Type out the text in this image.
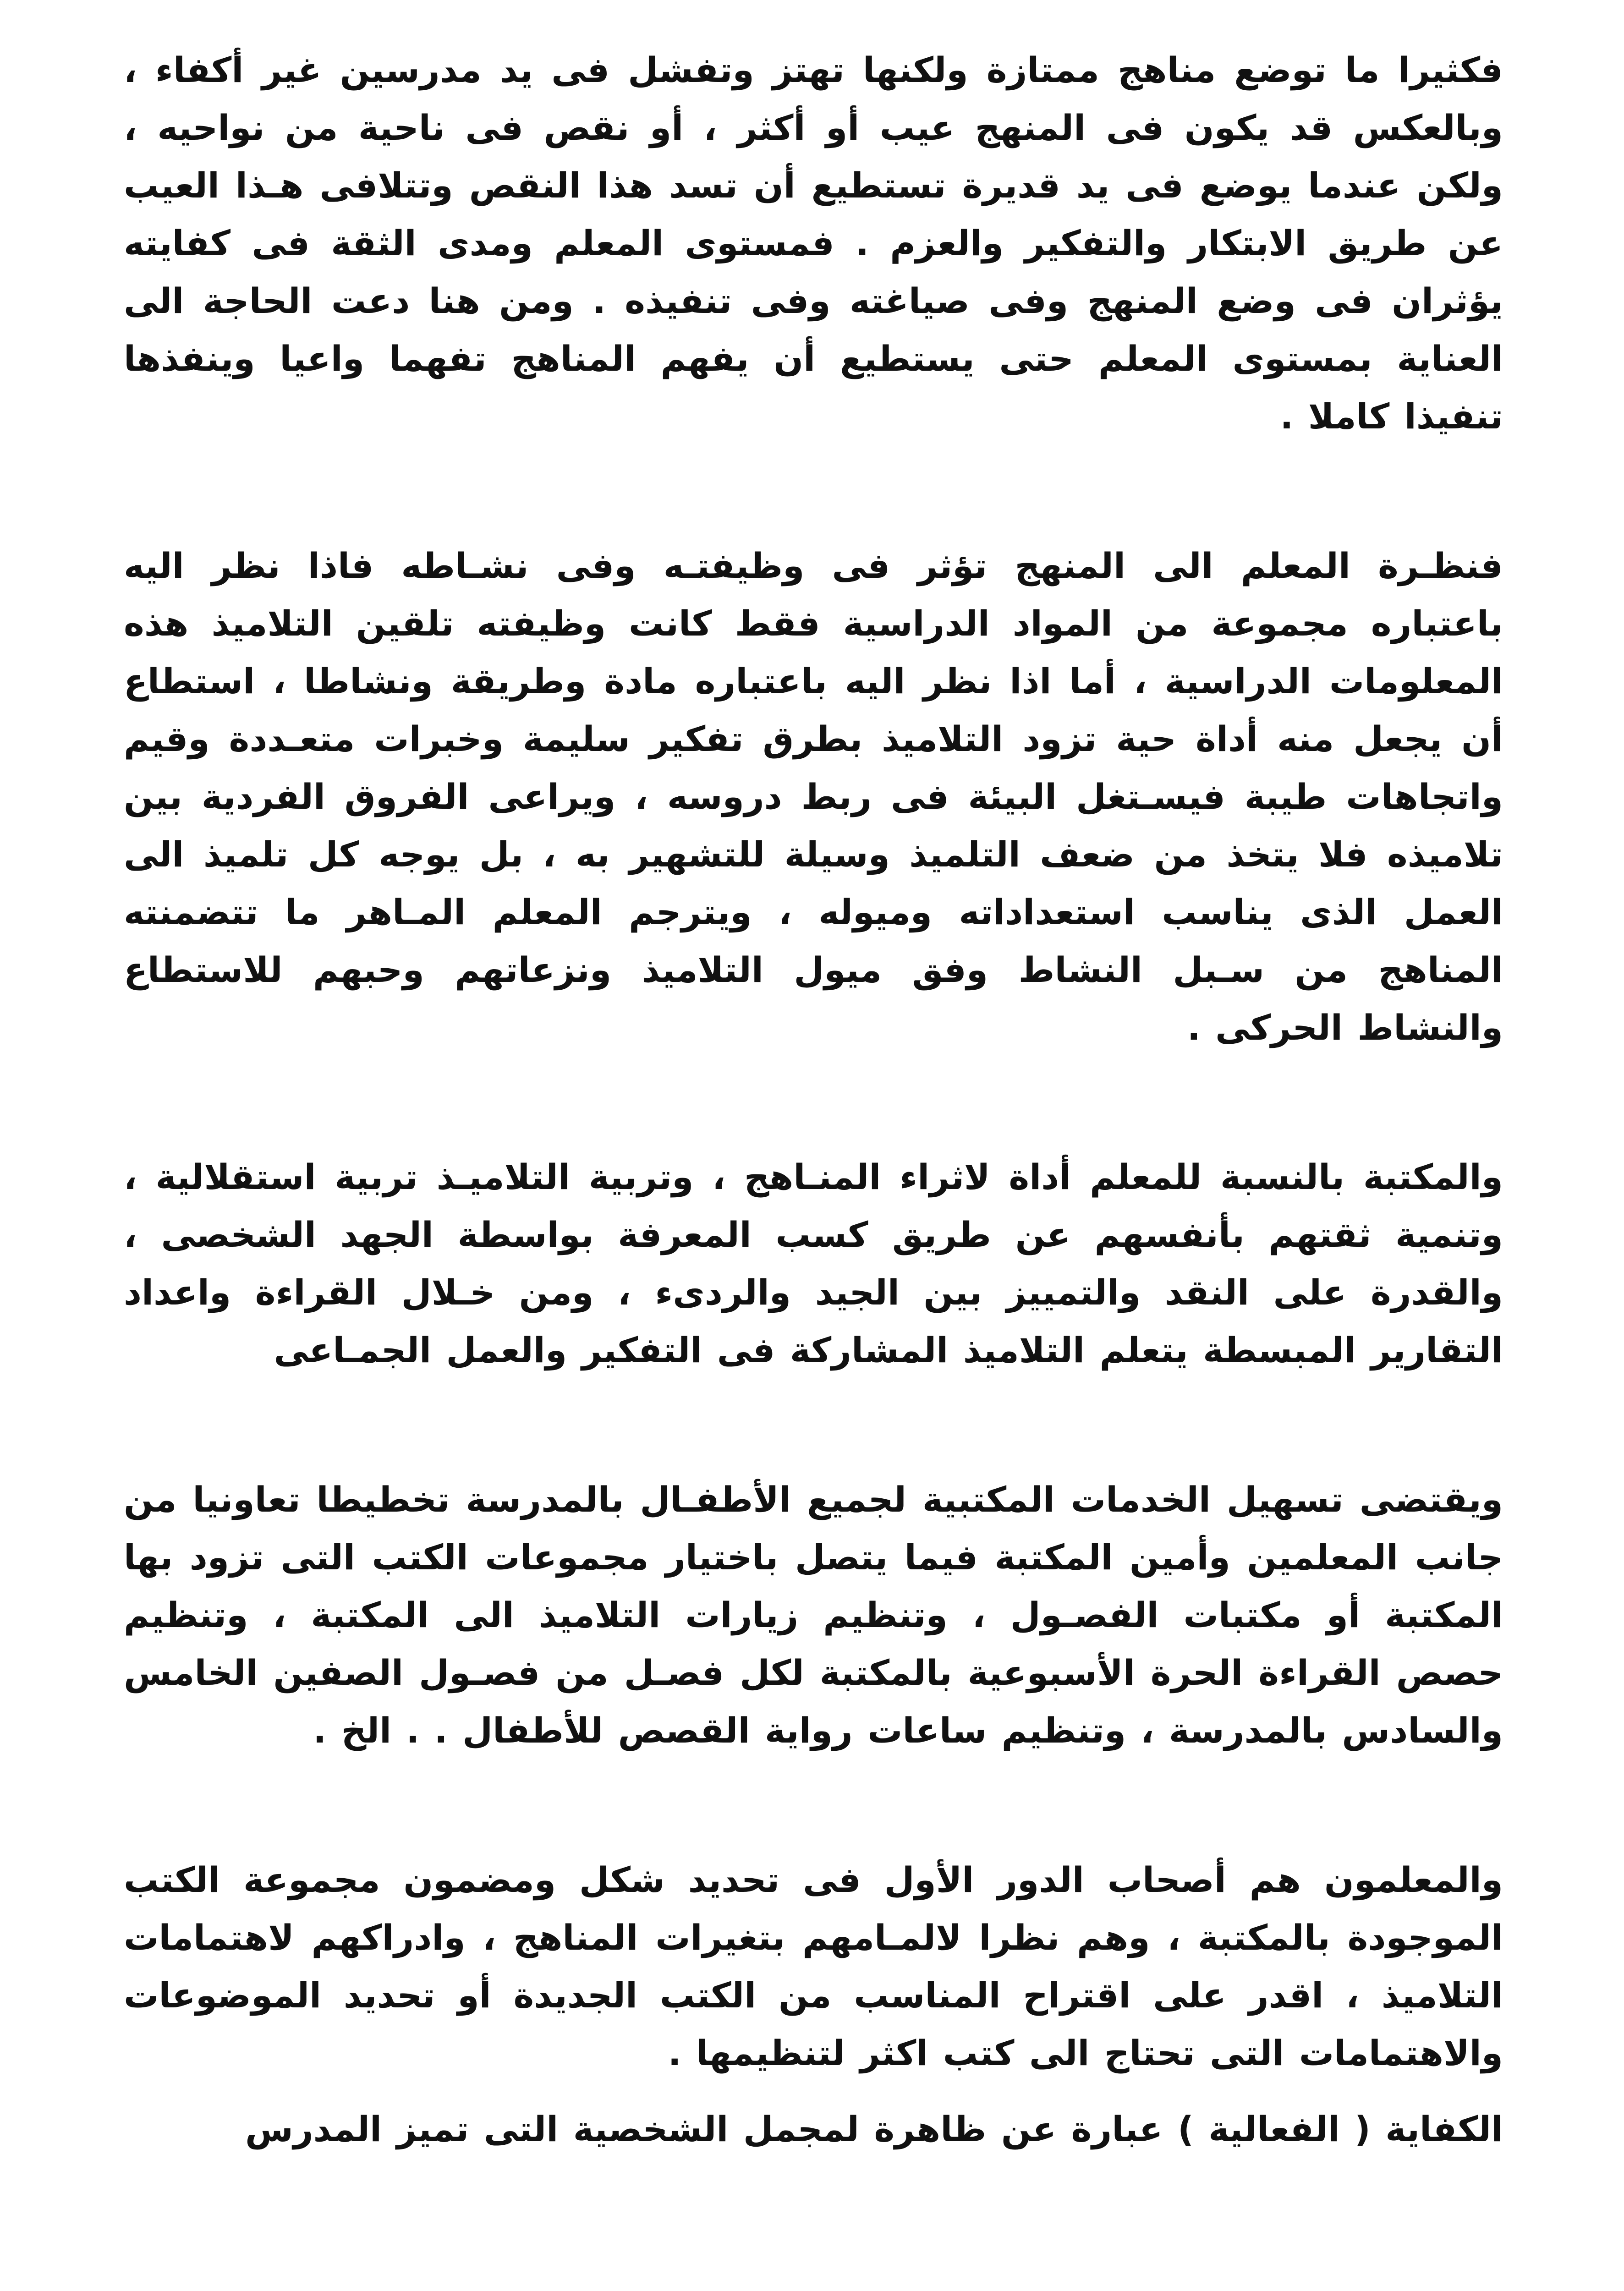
فكثيرا ما توضع مناهج ممتازة ولكنها تهتز وتفشل فى يد مدرسين غير أكفاء ، وبالعكس قد يكون فى المنهج عيب أو أكثر ، أو نقص فى ناحية من نواحيه ، ولكن عندما يوضع فى يد قديرة تستطيع أن تسد هذا النقص وتتلافى هـذا العيب عن طريق الابتكار والتفكير والعزم . فمستوى المعلم ومدى الثقة فى كفايته يؤثران فى وضع المنهج وفى صياغته وفى تنفيذه . ومن هنا دعت الحاجة الى العناية بمستوى المعلم حتى يستطيع أن يفهم المناهج تفهما واعيا وينفذها تنفيذا كاملا .

فنظـرة المعلم الى المنهج تؤثر فى وظيفتـه وفى نشـاطه فاذا نظر اليه باعتباره مجموعة من المواد الدراسية فقط كانت وظيفته تلقين التلاميذ هذه المعلومات الدراسية ، أما اذا نظر اليه باعتباره مادة وطريقة ونشاطا ، استطاع أن يجعل منه أداة حية تزود التلاميذ بطرق تفكير سليمة وخبرات متعـددة وقيم واتجاهات طيبة فيسـتغل البيئة فى ربط دروسه ، ويراعى الفروق الفردية بين تلاميذه فلا يتخذ من ضعف التلميذ وسيلة للتشهير به ، بل يوجه كل تلميذ الى العمل الذى يناسب استعداداته وميوله ، ويترجم المعلم المـاهر ما تتضمنته المناهج من سـبل النشاط وفق ميول التلاميذ ونزعاتهم وحبهم للاستطاع والنشاط الحركى .

والمكتبة بالنسبة للمعلم أداة لاثراء المنـاهج ، وتربية التلاميـذ تربية استقلالية ، وتنمية ثقتهم بأنفسهم عن طريق كسب المعرفة بواسطة الجهد الشخصى ، والقدرة على النقد والتمييز بين الجيد والردىء ، ومن خـلال القراءة واعداد التقارير المبسطة يتعلم التلاميذ المشاركة فى التفكير والعمل الجمـاعى

ويقتضى تسهيل الخدمات المكتبية لجميع الأطفـال بالمدرسة تخطيطا تعاونيا من جانب المعلمين وأمين المكتبة فيما يتصل باختيار مجموعات الكتب التى تزود بها المكتبة أو مكتبات الفصـول ، وتنظيم زيارات التلاميذ الى المكتبة ، وتنظيم حصص القراءة الحرة الأسبوعية بالمكتبة لكل فصـل من فصـول الصفين الخامس والسادس بالمدرسة ، وتنظيم ساعات رواية القصص للأطفال . . الخ .

والمعلمون هم أصحاب الدور الأول فى تحديد شكل ومضمون مجموعة الكتب الموجودة بالمكتبة ، وهم نظرا لالمـامهم بتغيرات المناهج ، وادراكهم لاهتمامات التلاميذ ، اقدر على اقتراح المناسب من الكتب الجديدة أو تحديد الموضوعات والاهتمامات التى تحتاج الى كتب اكثر لتنظيمها .

الكفاية ( الفعالية ) عبارة عن ظاهرة لمجمل الشخصية التى تميز المدرس
